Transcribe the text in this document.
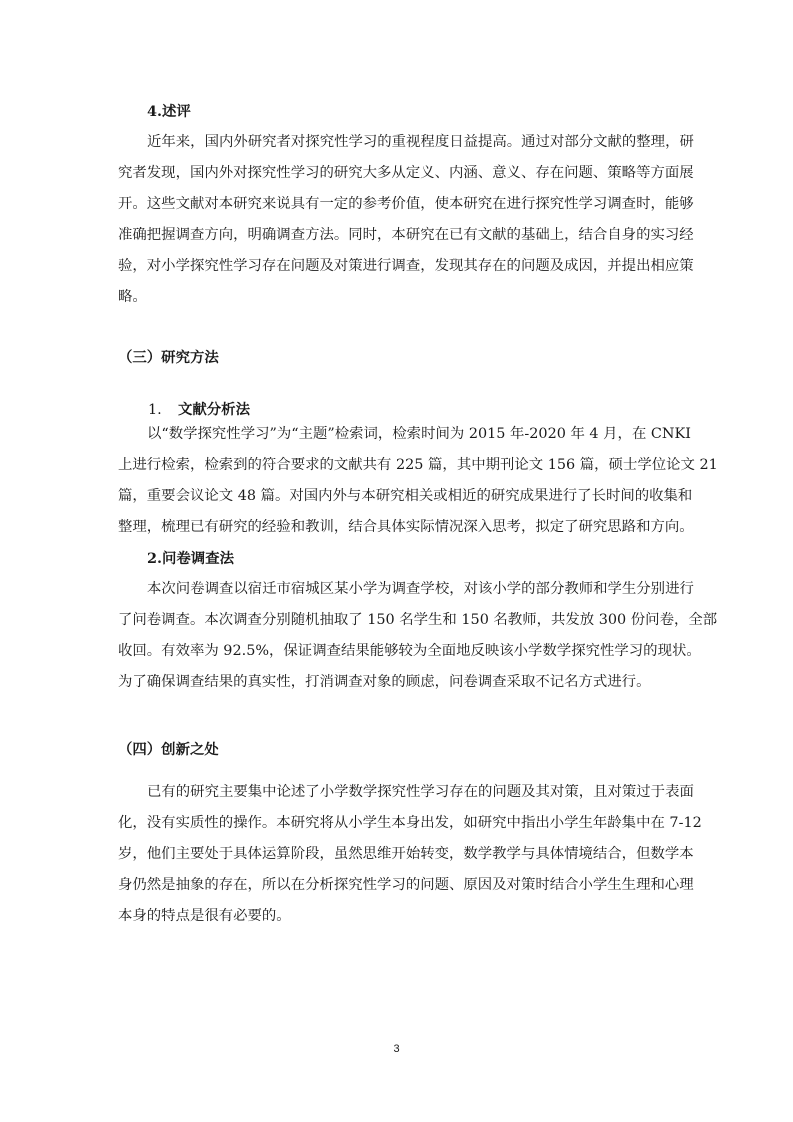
4.述评
近年来，国内外研究者对探究性学习的重视程度日益提高。通过对部分文献的整理，研
究者发现，国内外对探究性学习的研究大多从定义、内涵、意义、存在问题、策略等方面展
开。这些文献对本研究来说具有一定的参考价值，使本研究在进行探究性学习调查时，能够
准确把握调查方向，明确调查方法。同时，本研究在已有文献的基础上，结合自身的实习经
验，对小学探究性学习存在问题及对策进行调查，发现其存在的问题及成因，并提出相应策
略。
（三）研究方法
1. 文献分析法
以“数学探究性学习”为“主题”检索词，检索时间为 2015 年-2020 年 4 月，在 CNKI
上进行检索，检索到的符合要求的文献共有 225 篇，其中期刊论文 156 篇，硕士学位论文 21
篇，重要会议论文 48 篇。对国内外与本研究相关或相近的研究成果进行了长时间的收集和
整理，梳理已有研究的经验和教训，结合具体实际情况深入思考，拟定了研究思路和方向。
2.问卷调查法
本次问卷调查以宿迁市宿城区某小学为调查学校，对该小学的部分教师和学生分别进行
了问卷调查。本次调查分别随机抽取了 150 名学生和 150 名教师，共发放 300 份问卷，全部
收回。有效率为 92.5%，保证调查结果能够较为全面地反映该小学数学探究性学习的现状。
为了确保调查结果的真实性，打消调查对象的顾虑，问卷调查采取不记名方式进行。
（四）创新之处
已有的研究主要集中论述了小学数学探究性学习存在的问题及其对策，且对策过于表面
化，没有实质性的操作。本研究将从小学生本身出发，如研究中指出小学生年龄集中在 7-12
岁，他们主要处于具体运算阶段，虽然思维开始转变，数学教学与具体情境结合，但数学本
身仍然是抽象的存在，所以在分析探究性学习的问题、原因及对策时结合小学生生理和心理
本身的特点是很有必要的。
3
